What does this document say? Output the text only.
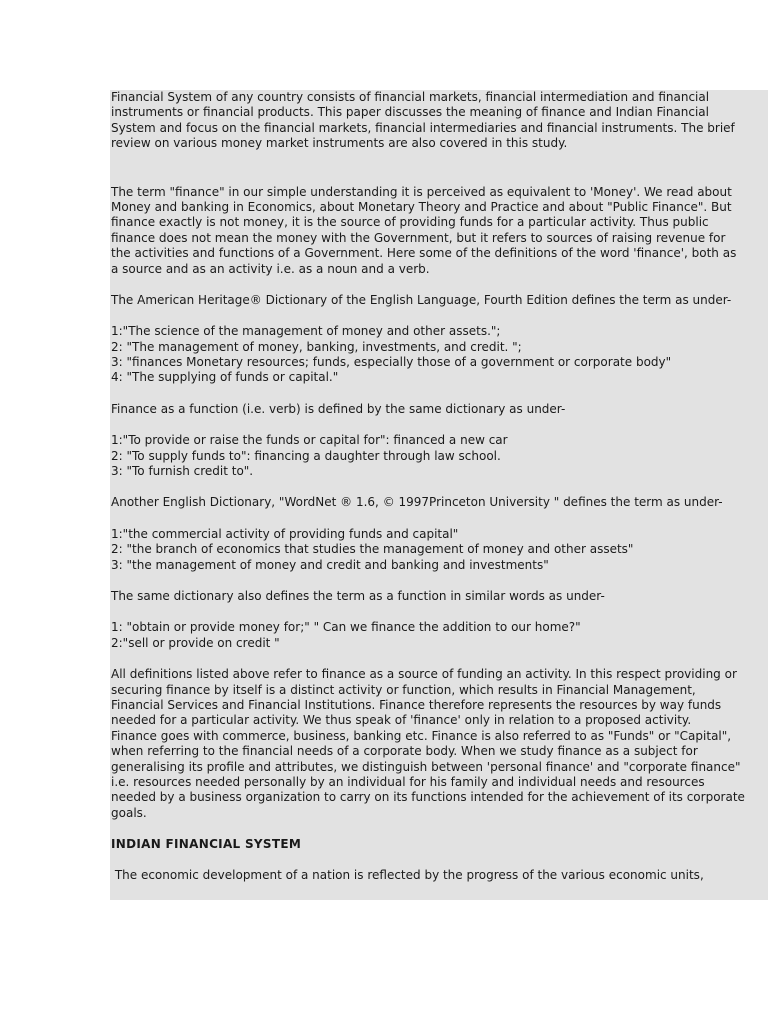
Financial System of any country consists of financial markets, financial intermediation and financial
instruments or financial products. This paper discusses the meaning of finance and Indian Financial
System and focus on the financial markets, financial intermediaries and financial instruments. The brief
review on various money market instruments are also covered in this study.
The term "finance" in our simple understanding it is perceived as equivalent to 'Money'. We read about
Money and banking in Economics, about Monetary Theory and Practice and about "Public Finance". But
finance exactly is not money, it is the source of providing funds for a particular activity. Thus public
finance does not mean the money with the Government, but it refers to sources of raising revenue for
the activities and functions of a Government. Here some of the definitions of the word 'finance', both as
a source and as an activity i.e. as a noun and a verb.
The American Heritage® Dictionary of the English Language, Fourth Edition defines the term as under-
1:"The science of the management of money and other assets.";
2: "The management of money, banking, investments, and credit. ";
3: "finances Monetary resources; funds, especially those of a government or corporate body"
4: "The supplying of funds or capital."
Finance as a function (i.e. verb) is defined by the same dictionary as under-
1:"To provide or raise the funds or capital for": financed a new car
2: "To supply funds to": financing a daughter through law school.
3: "To furnish credit to".
Another English Dictionary, "WordNet ® 1.6, © 1997Princeton University " defines the term as under-
1:"the commercial activity of providing funds and capital"
2: "the branch of economics that studies the management of money and other assets"
3: "the management of money and credit and banking and investments"
The same dictionary also defines the term as a function in similar words as under-
1: "obtain or provide money for;" " Can we finance the addition to our home?"
2:"sell or provide on credit "
All definitions listed above refer to finance as a source of funding an activity. In this respect providing or
securing finance by itself is a distinct activity or function, which results in Financial Management,
Financial Services and Financial Institutions. Finance therefore represents the resources by way funds
needed for a particular activity. We thus speak of 'finance' only in relation to a proposed activity.
Finance goes with commerce, business, banking etc. Finance is also referred to as "Funds" or "Capital",
when referring to the financial needs of a corporate body. When we study finance as a subject for
generalising its profile and attributes, we distinguish between 'personal finance' and "corporate finance"
i.e. resources needed personally by an individual for his family and individual needs and resources
needed by a business organization to carry on its functions intended for the achievement of its corporate
goals.
INDIAN FINANCIAL SYSTEM
The economic development of a nation is reflected by the progress of the various economic units,
